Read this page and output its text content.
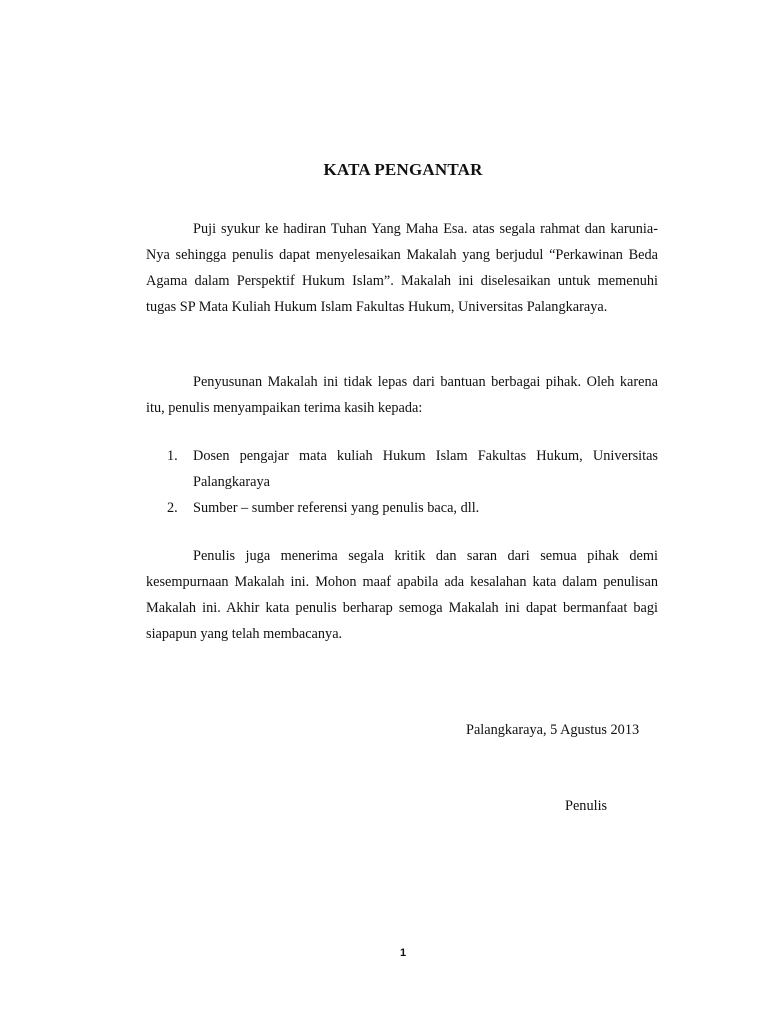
KATA PENGANTAR

Puji syukur ke hadiran Tuhan Yang Maha Esa. atas segala rahmat dan karunia-Nya sehingga penulis dapat menyelesaikan Makalah yang berjudul “Perkawinan Beda Agama dalam Perspektif Hukum Islam”. Makalah ini diselesaikan untuk memenuhi tugas SP Mata Kuliah Hukum Islam Fakultas Hukum, Universitas Palangkaraya.

Penyusunan Makalah ini tidak lepas dari bantuan berbagai pihak. Oleh karena itu, penulis menyampaikan terima kasih kepada:

1. Dosen pengajar mata kuliah Hukum Islam Fakultas Hukum, Universitas Palangkaraya
2. Sumber – sumber referensi yang penulis baca, dll.

Penulis juga menerima segala kritik dan saran dari semua pihak demi kesempurnaan Makalah ini. Mohon maaf apabila ada kesalahan kata dalam penulisan Makalah ini. Akhir kata penulis berharap semoga Makalah ini dapat bermanfaat bagi siapapun yang telah membacanya.

Palangkaraya, 5 Agustus 2013
Penulis
1
